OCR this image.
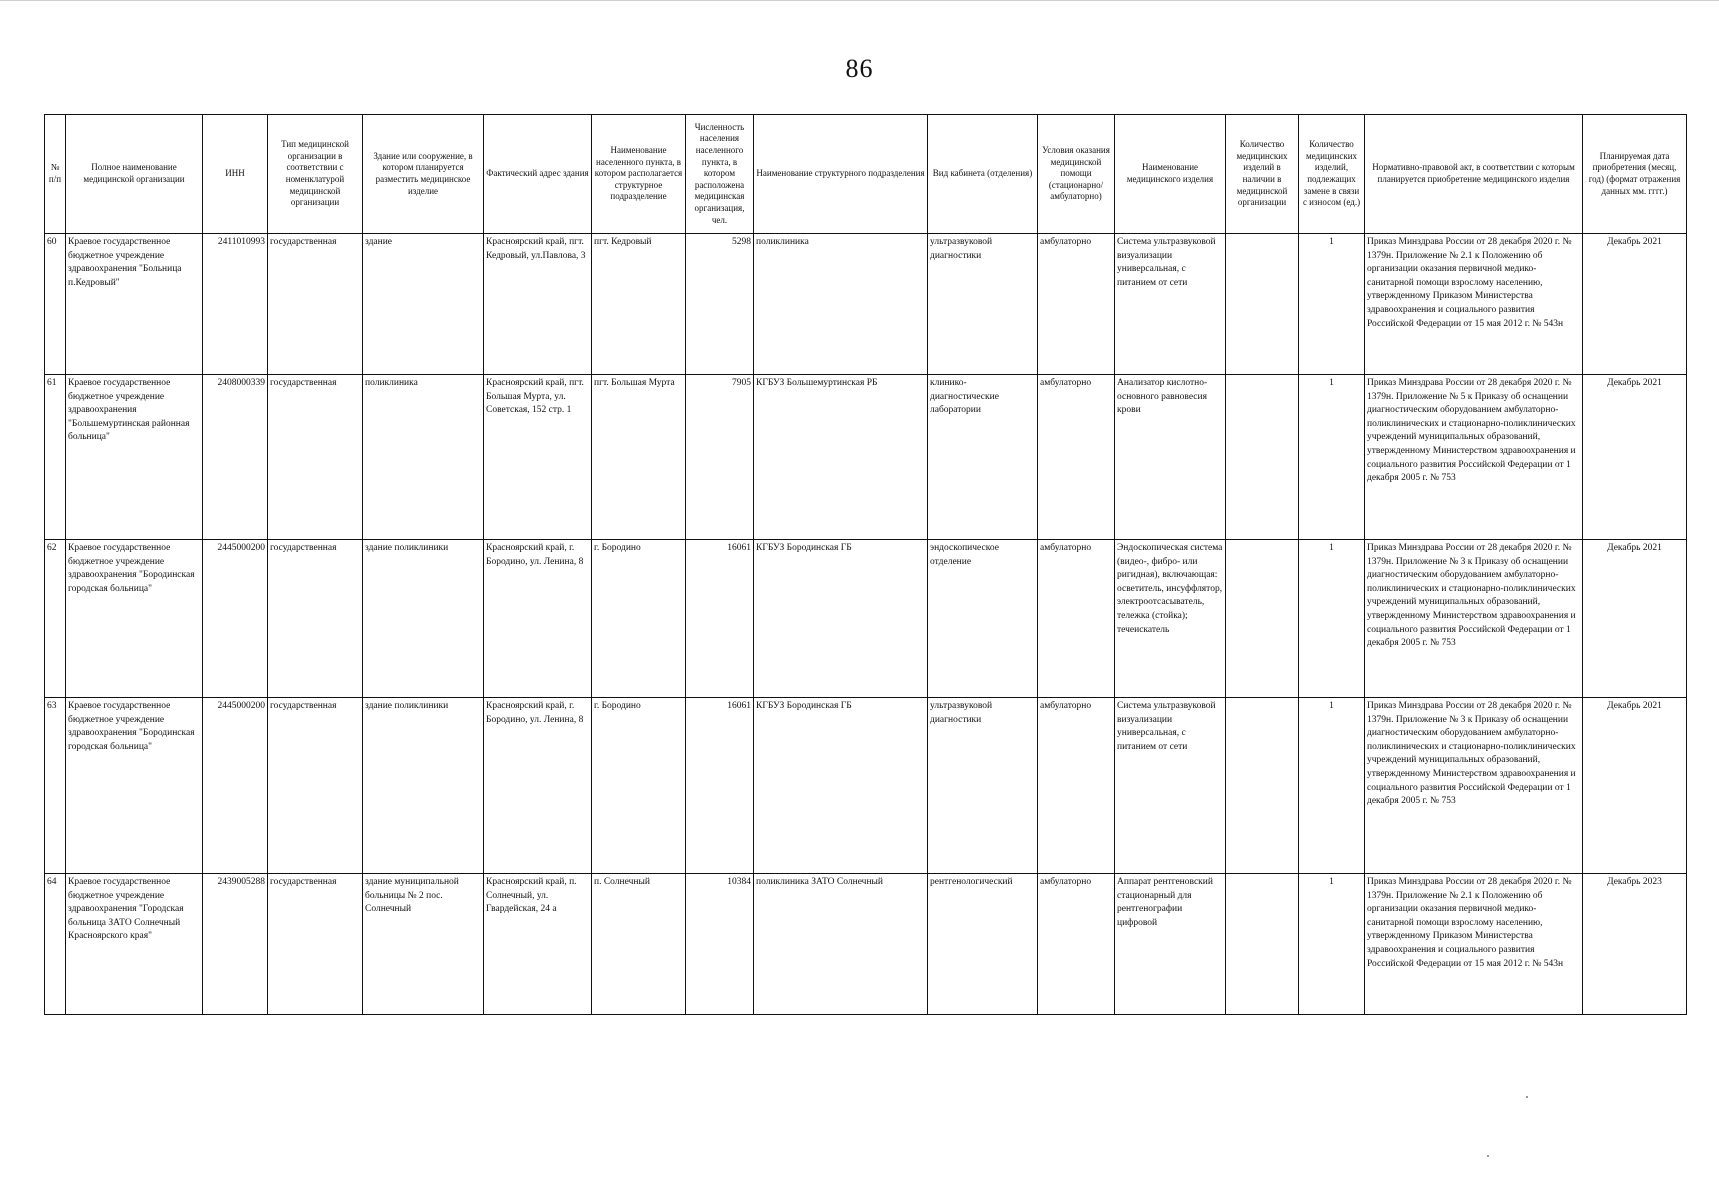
86
№ п/п	Полное наименование медицинской организации	ИНН	Тип медицинской организации в соответствии с номенклатурой медицинской организации	Здание или сооружение, в котором планируется разместить медицинское изделие	Фактический адрес здания	Наименование населенного пункта, в котором располагается структурное подразделение	Численность населения населенного пункта, в котором расположена медицинская организация, чел.	Наименование структурного подразделения	Вид кабинета (отделения)	Условия оказания медицинской помощи (стационарно/ амбулаторно)	Наименование медицинского изделия	Количество медицинских изделий в наличии в медицинской организации	Количество медицинских изделий, подлежащих замене в связи с износом (ед.)	Нормативно-правовой акт, в соответствии с которым планируется приобретение медицинского изделия	Планируемая дата приобретения (месяц, год) (формат отражения данных мм. гггг.)
60	Краевое государственное бюджетное учреждение здравоохранения "Больница п.Кедровый"	2411010993	государственная	здание	Красноярский край, пгт. Кедровый, ул.Павлова, 3	пгт. Кедровый	5298	поликлиника	ультразвуковой диагностики	амбулаторно	Система ультразвуковой визуализации универсальная, с питанием от сети		1	Приказ Минздрава России от 28 декабря 2020 г. № 1379н. Приложение № 2.1 к Положению об организации оказания первичной медико-санитарной помощи взрослому населению, утвержденному Приказом Министерства здравоохранения и социального развития Российской Федерации от 15 мая 2012 г. № 543н	Декабрь 2021
61	Краевое государственное бюджетное учреждение здравоохранения "Большемуртинская районная больница"	2408000339	государственная	поликлиника	Красноярский край, пгт. Большая Мурта, ул. Советская, 152 стр. 1	пгт. Большая Мурта	7905	КГБУЗ Большемуртинская РБ	клинико-диагностические лаборатории	амбулаторно	Анализатор кислотно-основного равновесия крови		1	Приказ Минздрава России от 28 декабря 2020 г. № 1379н. Приложение № 5 к Приказу об оснащении диагностическим оборудованием амбулаторно-поликлинических и стационарно-поликлинических учреждений муниципальных образований, утвержденному Министерством здравоохранения и социального развития Российской Федерации от 1 декабря 2005 г. № 753	Декабрь 2021
62	Краевое государственное бюджетное учреждение здравоохранения "Бородинская городская больница"	2445000200	государственная	здание поликлиники	Красноярский край, г. Бородино, ул. Ленина, 8	г. Бородино	16061	КГБУЗ Бородинская ГБ	эндоскопическое отделение	амбулаторно	Эндоскопическая система (видео-, фибро- или ригидная), включающая: осветитель, инсуффлятор, электроотсасыватель, тележка (стойка); течеискатель		1	Приказ Минздрава России от 28 декабря 2020 г. № 1379н. Приложение № 3 к Приказу об оснащении диагностическим оборудованием амбулаторно-поликлинических и стационарно-поликлинических учреждений муниципальных образований, утвержденному Министерством здравоохранения и социального развития Российской Федерации от 1 декабря 2005 г. № 753	Декабрь 2021
63	Краевое государственное бюджетное учреждение здравоохранения "Бородинская городская больница"	2445000200	государственная	здание поликлиники	Красноярский край, г. Бородино, ул. Ленина, 8	г. Бородино	16061	КГБУЗ Бородинская ГБ	ультразвуковой диагностики	амбулаторно	Система ультразвуковой визуализации универсальная, с питанием от сети		1	Приказ Минздрава России от 28 декабря 2020 г. № 1379н. Приложение № 3 к Приказу об оснащении диагностическим оборудованием амбулаторно-поликлинических и стационарно-поликлинических учреждений муниципальных образований, утвержденному Министерством здравоохранения и социального развития Российской Федерации от 1 декабря 2005 г. № 753	Декабрь 2021
64	Краевое государственное бюджетное учреждение здравоохранения "Городская больница ЗАТО Солнечный Красноярского края"	2439005288	государственная	здание муниципальной больницы № 2 пос. Солнечный	Красноярский край, п. Солнечный, ул. Гвардейская, 24 а	п. Солнечный	10384	поликлиника ЗАТО Солнечный	рентгенологический	амбулаторно	Аппарат рентгеновский стационарный для рентгенографии цифровой		1	Приказ Минздрава России от 28 декабря 2020 г. № 1379н. Приложение № 2.1 к Положению об организации оказания первичной медико-санитарной помощи взрослому населению, утвержденному Приказом Министерства здравоохранения и социального развития Российской Федерации от 15 мая 2012 г. № 543н	Декабрь 2023
